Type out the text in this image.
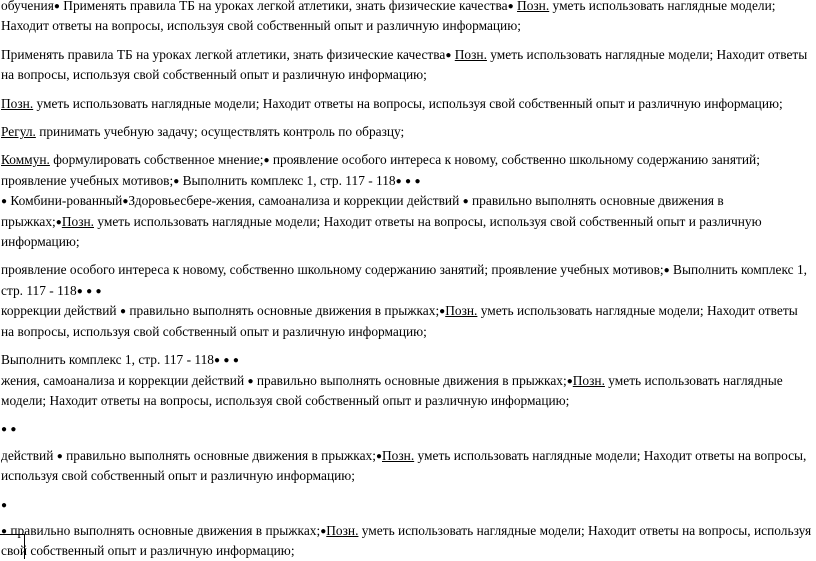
обучения● Применять правила ТБ на уроках легкой атлетики, знать физические качества● Позн. уметь использовать наглядные модели; Находит ответы на вопросы, используя свой собственный опыт и различную информацию;

Применять правила ТБ на уроках легкой атлетики, знать физические качества● Позн. уметь использовать наглядные модели; Находит ответы на вопросы, используя свой собственный опыт и различную информацию;

Позн. уметь использовать наглядные модели; Находит ответы на вопросы, используя свой собственный опыт и различную информацию;

Регул. принимать учебную задачу; осуществлять контроль по образцу;

Коммун. формулировать собственное мнение;● проявление особого интереса к новому, собственно школьному содержанию занятий; проявление учебных мотивов;● Выполнить комплекс 1, стр. 117 - 118● ● ●

● Комбини-рованный●Здоровьесбере-жения, самоанализа и коррекции действий ● правильно выполнять основные движения в прыжках;●Позн. уметь использовать наглядные модели; Находит ответы на вопросы, используя свой собственный опыт и различную информацию;

проявление особого интереса к новому, собственно школьному содержанию занятий; проявление учебных мотивов;● Выполнить комплекс 1, стр. 117 - 118● ● ●

коррекции действий ● правильно выполнять основные движения в прыжках;●Позн. уметь использовать наглядные модели; Находит ответы на вопросы, используя свой собственный опыт и различную информацию;

Выполнить комплекс 1, стр. 117 - 118● ● ●

жения, самоанализа и коррекции действий ● правильно выполнять основные движения в прыжках;●Позн. уметь использовать наглядные модели; Находит ответы на вопросы, используя свой собственный опыт и различную информацию;

● ●

действий ● правильно выполнять основные движения в прыжках;●Позн. уметь использовать наглядные модели; Находит ответы на вопросы, используя свой собственный опыт и различную информацию;

●

● правильно выполнять основные движения в прыжках;●Позн. уметь использовать наглядные модели; Находит ответы на вопросы, используя свой собственный опыт и различную информацию;
